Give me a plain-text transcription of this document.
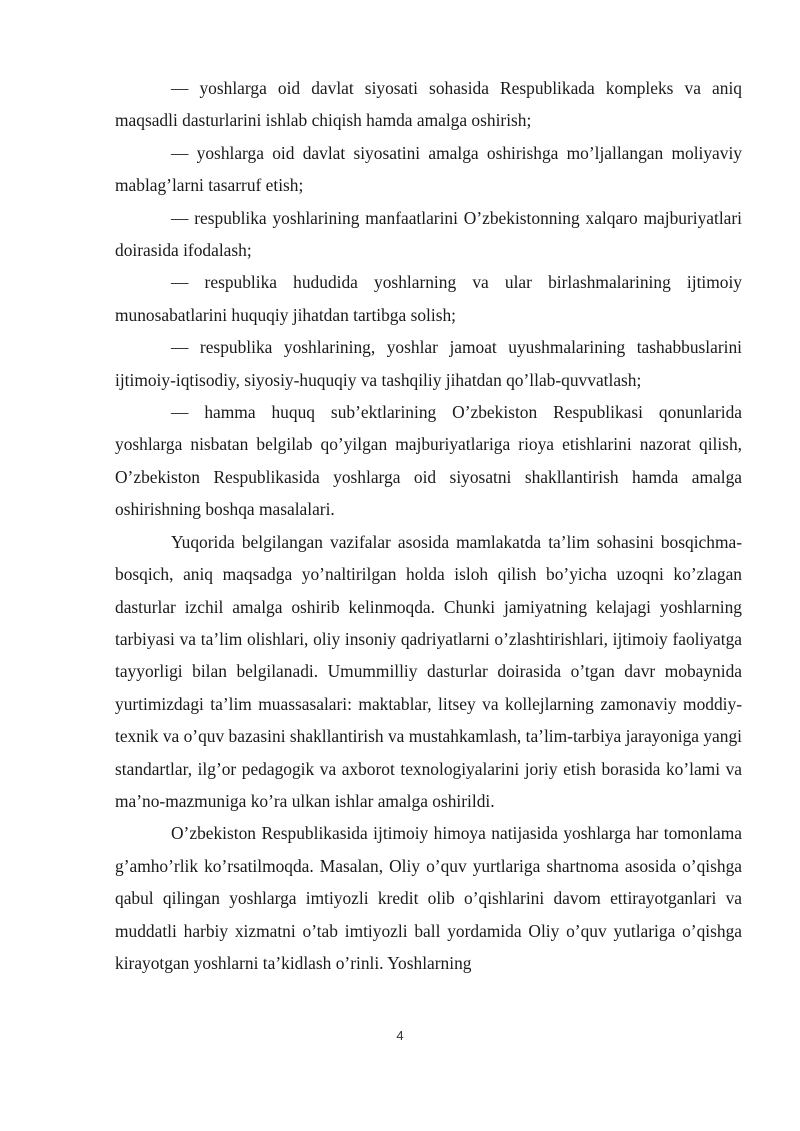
— yoshlarga oid davlat siyosati sohasida Respublikada kompleks va aniq maqsadli dasturlarini ishlab chiqish hamda amalga oshirish;

— yoshlarga oid davlat siyosatini amalga oshirishga mo’ljallangan moliyaviy mablag’larni tasarruf etish;

— respublika yoshlarining manfaatlarini O’zbekistonning xalqaro majburiyatlari doirasida ifodalash;

— respublika hududida yoshlarning va ular birlashmalarining ijtimoiy munosabatlarini huquqiy jihatdan tartibga solish;

— respublika yoshlarining, yoshlar jamoat uyushmalarining tashabbuslarini ijtimoiy-iqtisodiy, siyosiy-huquqiy va tashqiliy jihatdan qo’llab-quvvatlash;

— hamma huquq sub’ektlarining O’zbekiston Respublikasi qonunlarida yoshlarga nisbatan belgilab qo’yilgan majburiyatlariga rioya etishlarini nazorat qilish, O’zbekiston Respublikasida yoshlarga oid siyosatni shakllantirish hamda amalga oshirishning boshqa masalalari.

Yuqorida belgilangan vazifalar asosida mamlakatda ta’lim sohasini bosqichma-bosqich, aniq maqsadga yo’naltirilgan holda isloh qilish bo’yicha uzoqni ko’zlagan dasturlar izchil amalga oshirib kelinmoqda. Chunki jamiyatning kelajagi yoshlarning tarbiyasi va ta’lim olishlari, oliy insoniy qadriyatlarni o’zlashtirishlari, ijtimoiy faoliyatga tayyorligi bilan belgilanadi. Umummilliy dasturlar doirasida o’tgan davr mobaynida yurtimizdagi ta’lim muassasalari: maktablar, litsey va kollejlarning zamonaviy moddiy-texnik va o’quv bazasini shakllantirish va mustahkamlash, ta’lim-tarbiya jarayoniga yangi standartlar, ilg’or pedagogik va axborot texnologiyalarini joriy etish borasida ko’lami va ma’no-mazmuniga ko’ra ulkan ishlar amalga oshirildi.

O’zbekiston Respublikasida ijtimoiy himoya natijasida yoshlarga har tomonlama g’amho’rlik ko’rsatilmoqda. Masalan, Oliy o’quv yurtlariga shartnoma asosida o’qishga qabul qilingan yoshlarga imtiyozli kredit olib o’qishlarini davom ettirayotganlari va muddatli harbiy xizmatni o’tab imtiyozli ball yordamida Oliy o’quv yutlariga o’qishga kirayotgan yoshlarni ta’kidlash o’rinli. Yoshlarning

4
